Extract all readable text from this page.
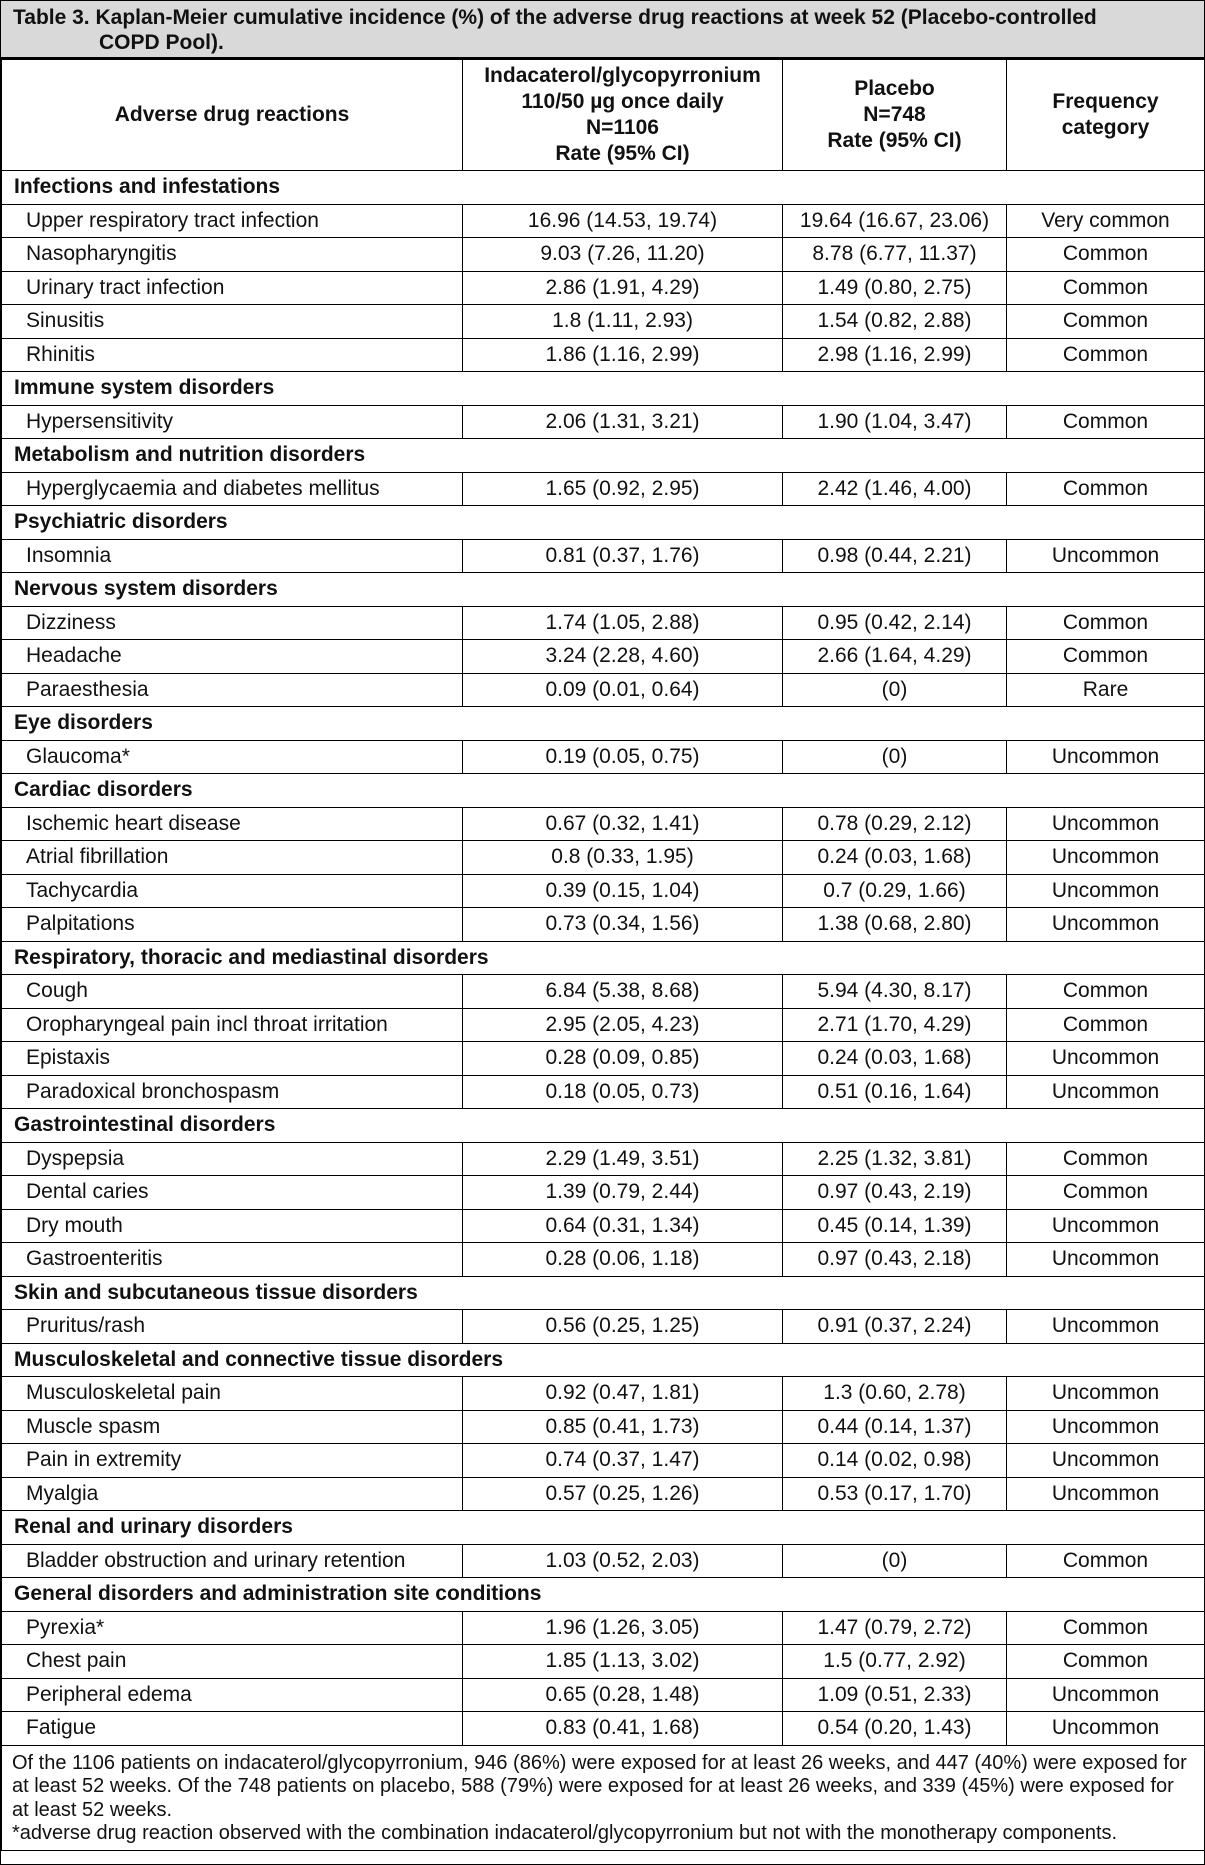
Table 3. Kaplan-Meier cumulative incidence (%) of the adverse drug reactions at week 52 (Placebo-controlled
COPD Pool).
Adverse drug reactions	Indacaterol/glycopyrronium
110/50 µg once daily
N=1106
Rate (95% CI)	Placebo
N=748
Rate (95% CI)	Frequency
category

Infections and infestations			
Upper respiratory tract infection	16.96 (14.53, 19.74)	19.64 (16.67, 23.06)	Very common
Nasopharyngitis	9.03 (7.26, 11.20)	8.78 (6.77, 11.37)	Common
Urinary tract infection	2.86 (1.91, 4.29)	1.49 (0.80, 2.75)	Common
Sinusitis	1.8 (1.11, 2.93)	1.54 (0.82, 2.88)	Common
Rhinitis	1.86 (1.16, 2.99)	2.98 (1.16, 2.99)	Common
Immune system disorders			
Hypersensitivity	2.06 (1.31, 3.21)	1.90 (1.04, 3.47)	Common
Metabolism and nutrition disorders			
Hyperglycaemia and diabetes mellitus	1.65 (0.92, 2.95)	2.42 (1.46, 4.00)	Common
Psychiatric disorders			
Insomnia	0.81 (0.37, 1.76)	0.98 (0.44, 2.21)	Uncommon
Nervous system disorders			
Dizziness	1.74 (1.05, 2.88)	0.95 (0.42, 2.14)	Common
Headache	3.24 (2.28, 4.60)	2.66 (1.64, 4.29)	Common
Paraesthesia	0.09 (0.01, 0.64)	(0)	Rare
Eye disorders			
Glaucoma*	0.19 (0.05, 0.75)	(0)	Uncommon
Cardiac disorders			
Ischemic heart disease	0.67 (0.32, 1.41)	0.78 (0.29, 2.12)	Uncommon
Atrial fibrillation	0.8 (0.33, 1.95)	0.24 (0.03, 1.68)	Uncommon
Tachycardia	0.39 (0.15, 1.04)	0.7 (0.29, 1.66)	Uncommon
Palpitations	0.73 (0.34, 1.56)	1.38 (0.68, 2.80)	Uncommon
Respiratory, thoracic and mediastinal disorders			
Cough	6.84 (5.38, 8.68)	5.94 (4.30, 8.17)	Common
Oropharyngeal pain incl throat irritation	2.95 (2.05, 4.23)	2.71 (1.70, 4.29)	Common
Epistaxis	0.28 (0.09, 0.85)	0.24 (0.03, 1.68)	Uncommon
Paradoxical bronchospasm	0.18 (0.05, 0.73)	0.51 (0.16, 1.64)	Uncommon
Gastrointestinal disorders			
Dyspepsia	2.29 (1.49, 3.51)	2.25 (1.32, 3.81)	Common
Dental caries	1.39 (0.79, 2.44)	0.97 (0.43, 2.19)	Common
Dry mouth	0.64 (0.31, 1.34)	0.45 (0.14, 1.39)	Uncommon
Gastroenteritis	0.28 (0.06, 1.18)	0.97 (0.43, 2.18)	Uncommon
Skin and subcutaneous tissue disorders			
Pruritus/rash	0.56 (0.25, 1.25)	0.91 (0.37, 2.24)	Uncommon
Musculoskeletal and connective tissue disorders			
Musculoskeletal pain	0.92 (0.47, 1.81)	1.3 (0.60, 2.78)	Uncommon
Muscle spasm	0.85 (0.41, 1.73)	0.44 (0.14, 1.37)	Uncommon
Pain in extremity	0.74 (0.37, 1.47)	0.14 (0.02, 0.98)	Uncommon
Myalgia	0.57 (0.25, 1.26)	0.53 (0.17, 1.70)	Uncommon
Renal and urinary disorders			
Bladder obstruction and urinary retention	1.03 (0.52, 2.03)	(0)	Common
General disorders and administration site conditions			
Pyrexia*	1.96 (1.26, 3.05)	1.47 (0.79, 2.72)	Common
Chest pain	1.85 (1.13, 3.02)	1.5 (0.77, 2.92)	Common
Peripheral edema	0.65 (0.28, 1.48)	1.09 (0.51, 2.33)	Uncommon
Fatigue	0.83 (0.41, 1.68)	0.54 (0.20, 1.43)	Uncommon

Of the 1106 patients on indacaterol/glycopyrronium, 946 (86%) were exposed for at least 26 weeks, and 447 (40%) were exposed for at least 52 weeks. Of the 748 patients on placebo, 588 (79%) were exposed for at least 26 weeks, and 339 (45%) were exposed for at least 52 weeks.

*adverse drug reaction observed with the combination indacaterol/glycopyrronium but not with the monotherapy components.			
